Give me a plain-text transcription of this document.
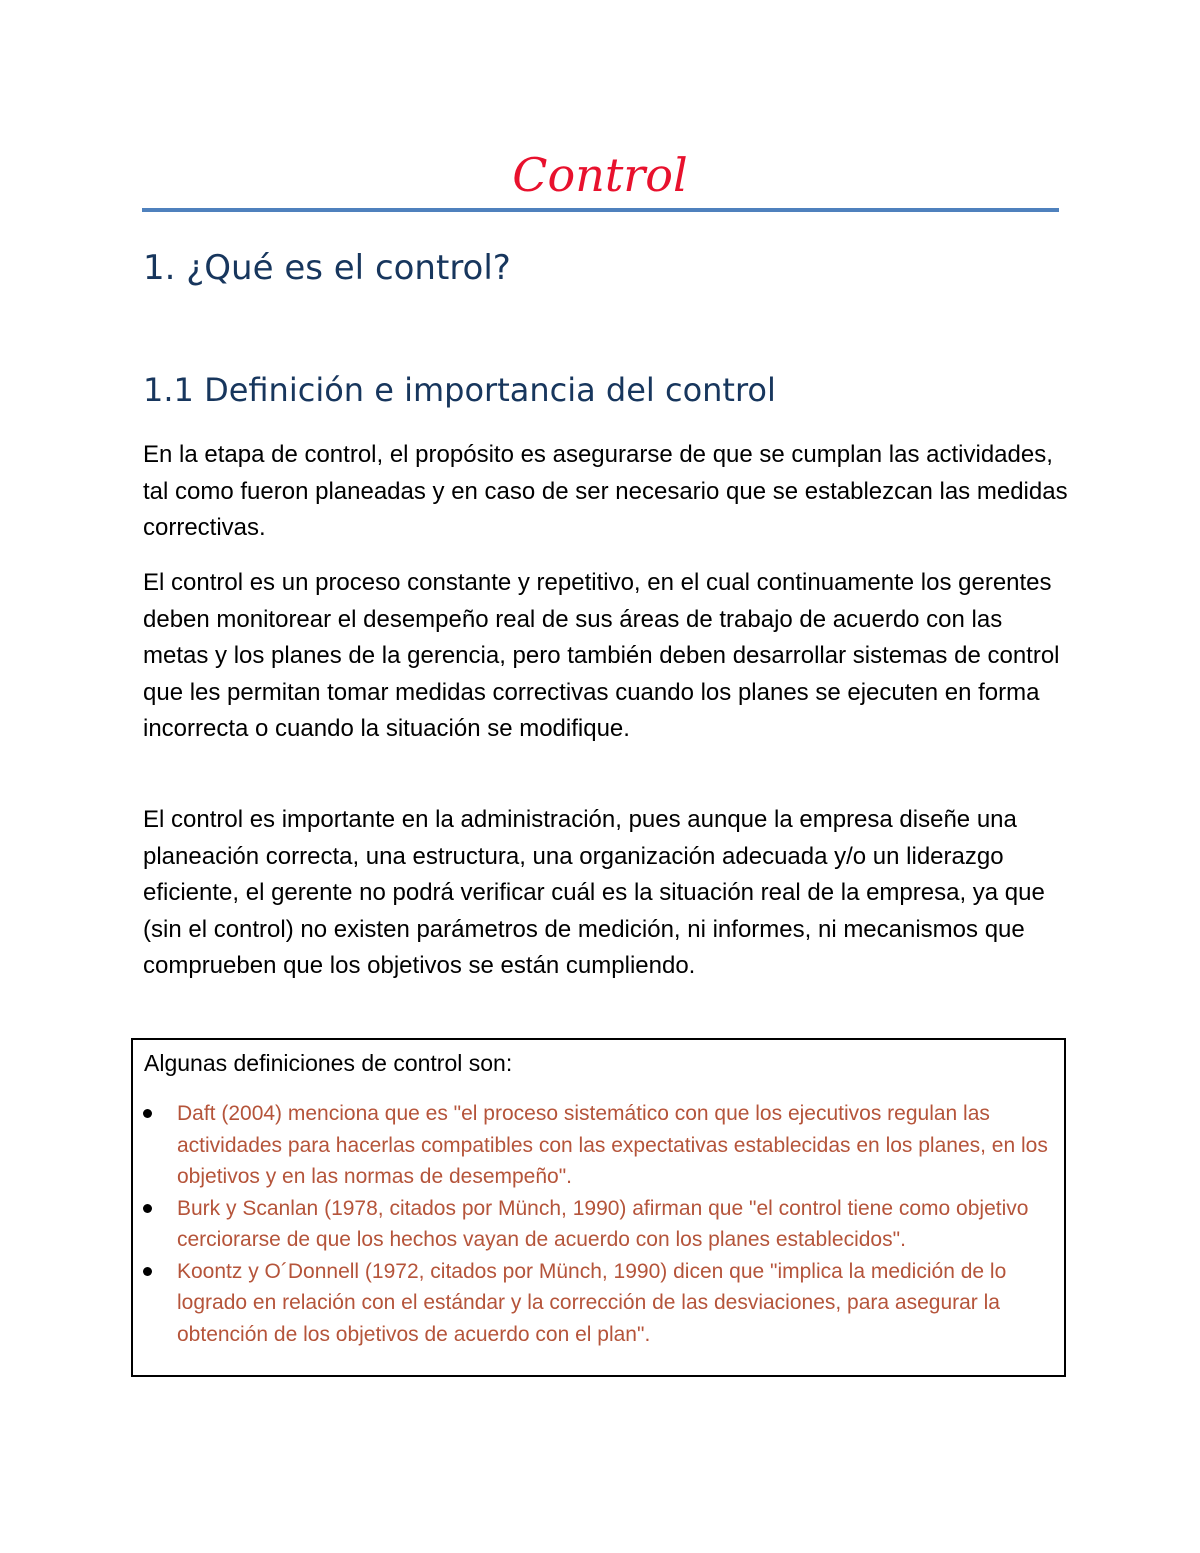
Control
1. ¿Qué es el control?
1.1 Definición e importancia del control

En la etapa de control, el propósito es asegurarse de que se cumplan las actividades, tal como fueron planeadas y en caso de ser necesario que se establezcan las medidas correctivas.

El control es un proceso constante y repetitivo, en el cual continuamente los gerentes deben monitorear el desempeño real de sus áreas de trabajo de acuerdo con las metas y los planes de la gerencia, pero también deben desarrollar sistemas de control que les permitan tomar medidas correctivas cuando los planes se ejecuten en forma incorrecta o cuando la situación se modifique.

El control es importante en la administración, pues aunque la empresa diseñe una planeación correcta, una estructura, una organización adecuada y/o un liderazgo eficiente, el gerente no podrá verificar cuál es la situación real de la empresa, ya que (sin el control) no existen parámetros de medición, ni informes, ni mecanismos que comprueben que los objetivos se están cumpliendo.

Algunas definiciones de control son:

Daft (2004) menciona que es "el proceso sistemático con que los ejecutivos regulan las actividades para hacerlas compatibles con las expectativas establecidas en los planes, en los objetivos y en las normas de desempeño".
Burk y Scanlan (1978, citados por Münch, 1990) afirman que "el control tiene como objetivo cerciorarse de que los hechos vayan de acuerdo con los planes establecidos".
Koontz y O´Donnell (1972, citados por Münch, 1990) dicen que "implica la medición de lo logrado en relación con el estándar y la corrección de las desviaciones, para asegurar la obtención de los objetivos de acuerdo con el plan".
